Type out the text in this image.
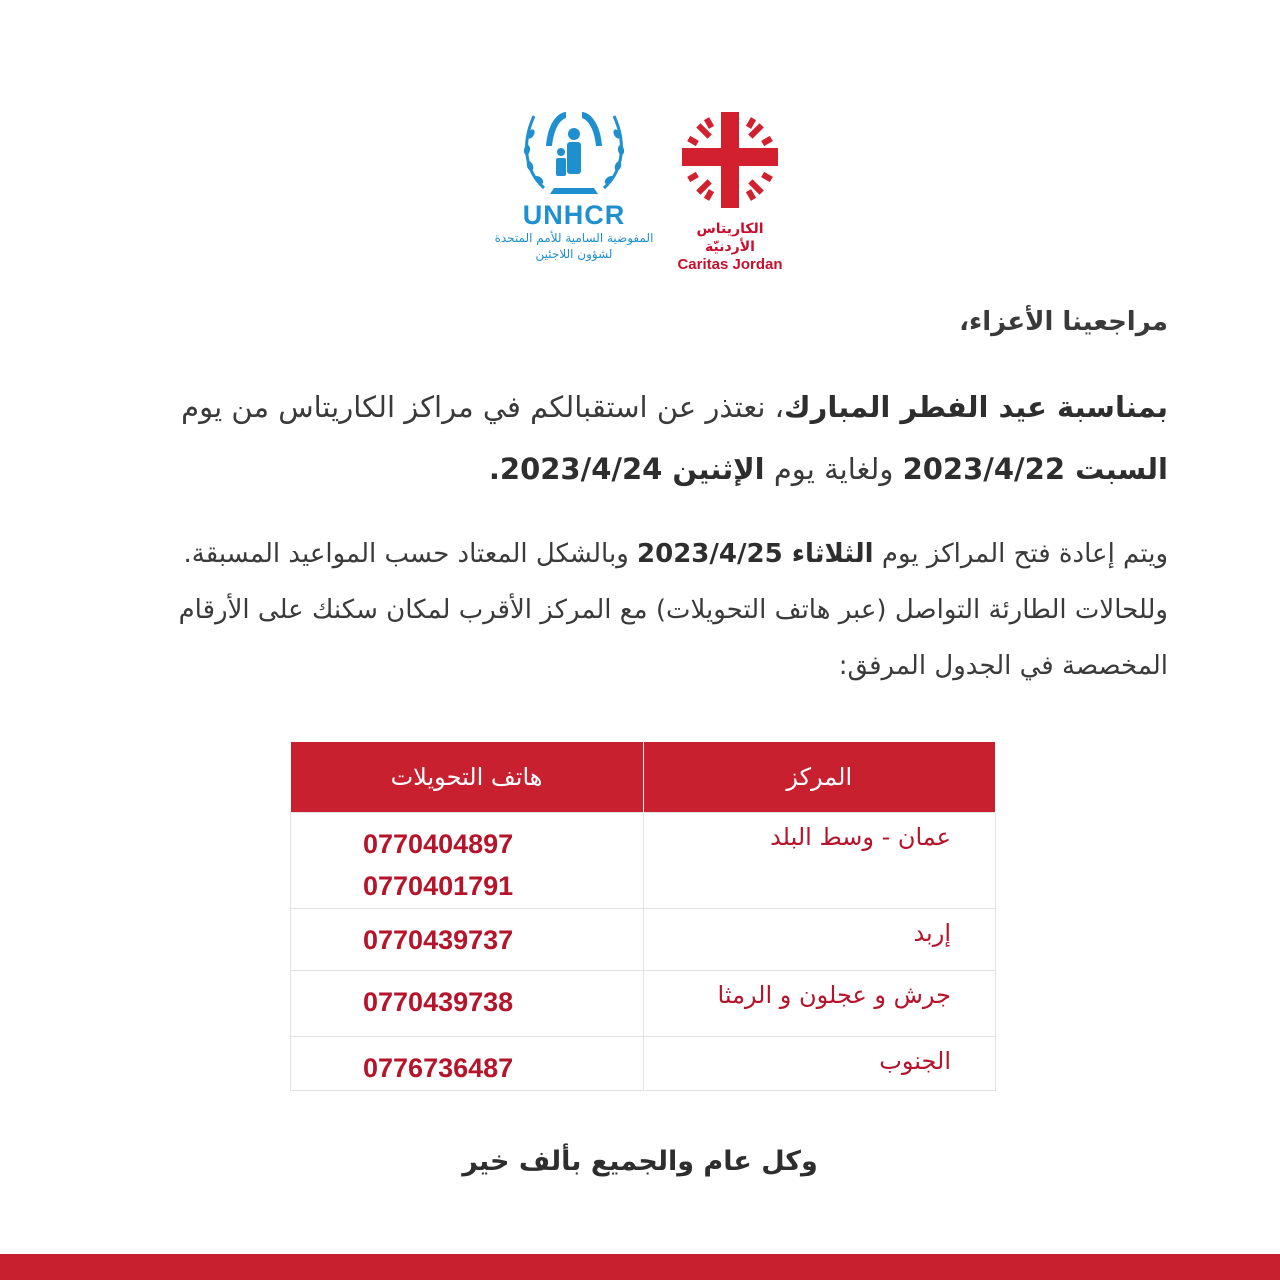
UNHCR
المفوضية السامية للأمم المتحدة
لشؤون اللاجئين
الكاريتاس الأردنيّة
Caritas Jordan
مراجعينا الأعزاء،
بمناسبة عيد الفطر المبارك، نعتذر عن استقبالكم في مراكز الكاريتاس من يوم السبت 2023/4/22 ولغاية يوم الإثنين 2023/4/24.
ويتم إعادة فتح المراكز يوم الثلاثاء 2023/4/25 وبالشكل المعتاد حسب المواعيد المسبقة. وللحالات الطارئة التواصل (عبر هاتف التحويلات) مع المركز الأقرب لمكان سكنك على الأرقام المخصصة في الجدول المرفق:
المركز	هاتف التحويلات
عمان - وسط البلد	0770404897
0770401791

إربد	0770439737

جرش و عجلون و الرمثا	0770439738

الجنوب	0776736487
وكل عام والجميع بألف خير
